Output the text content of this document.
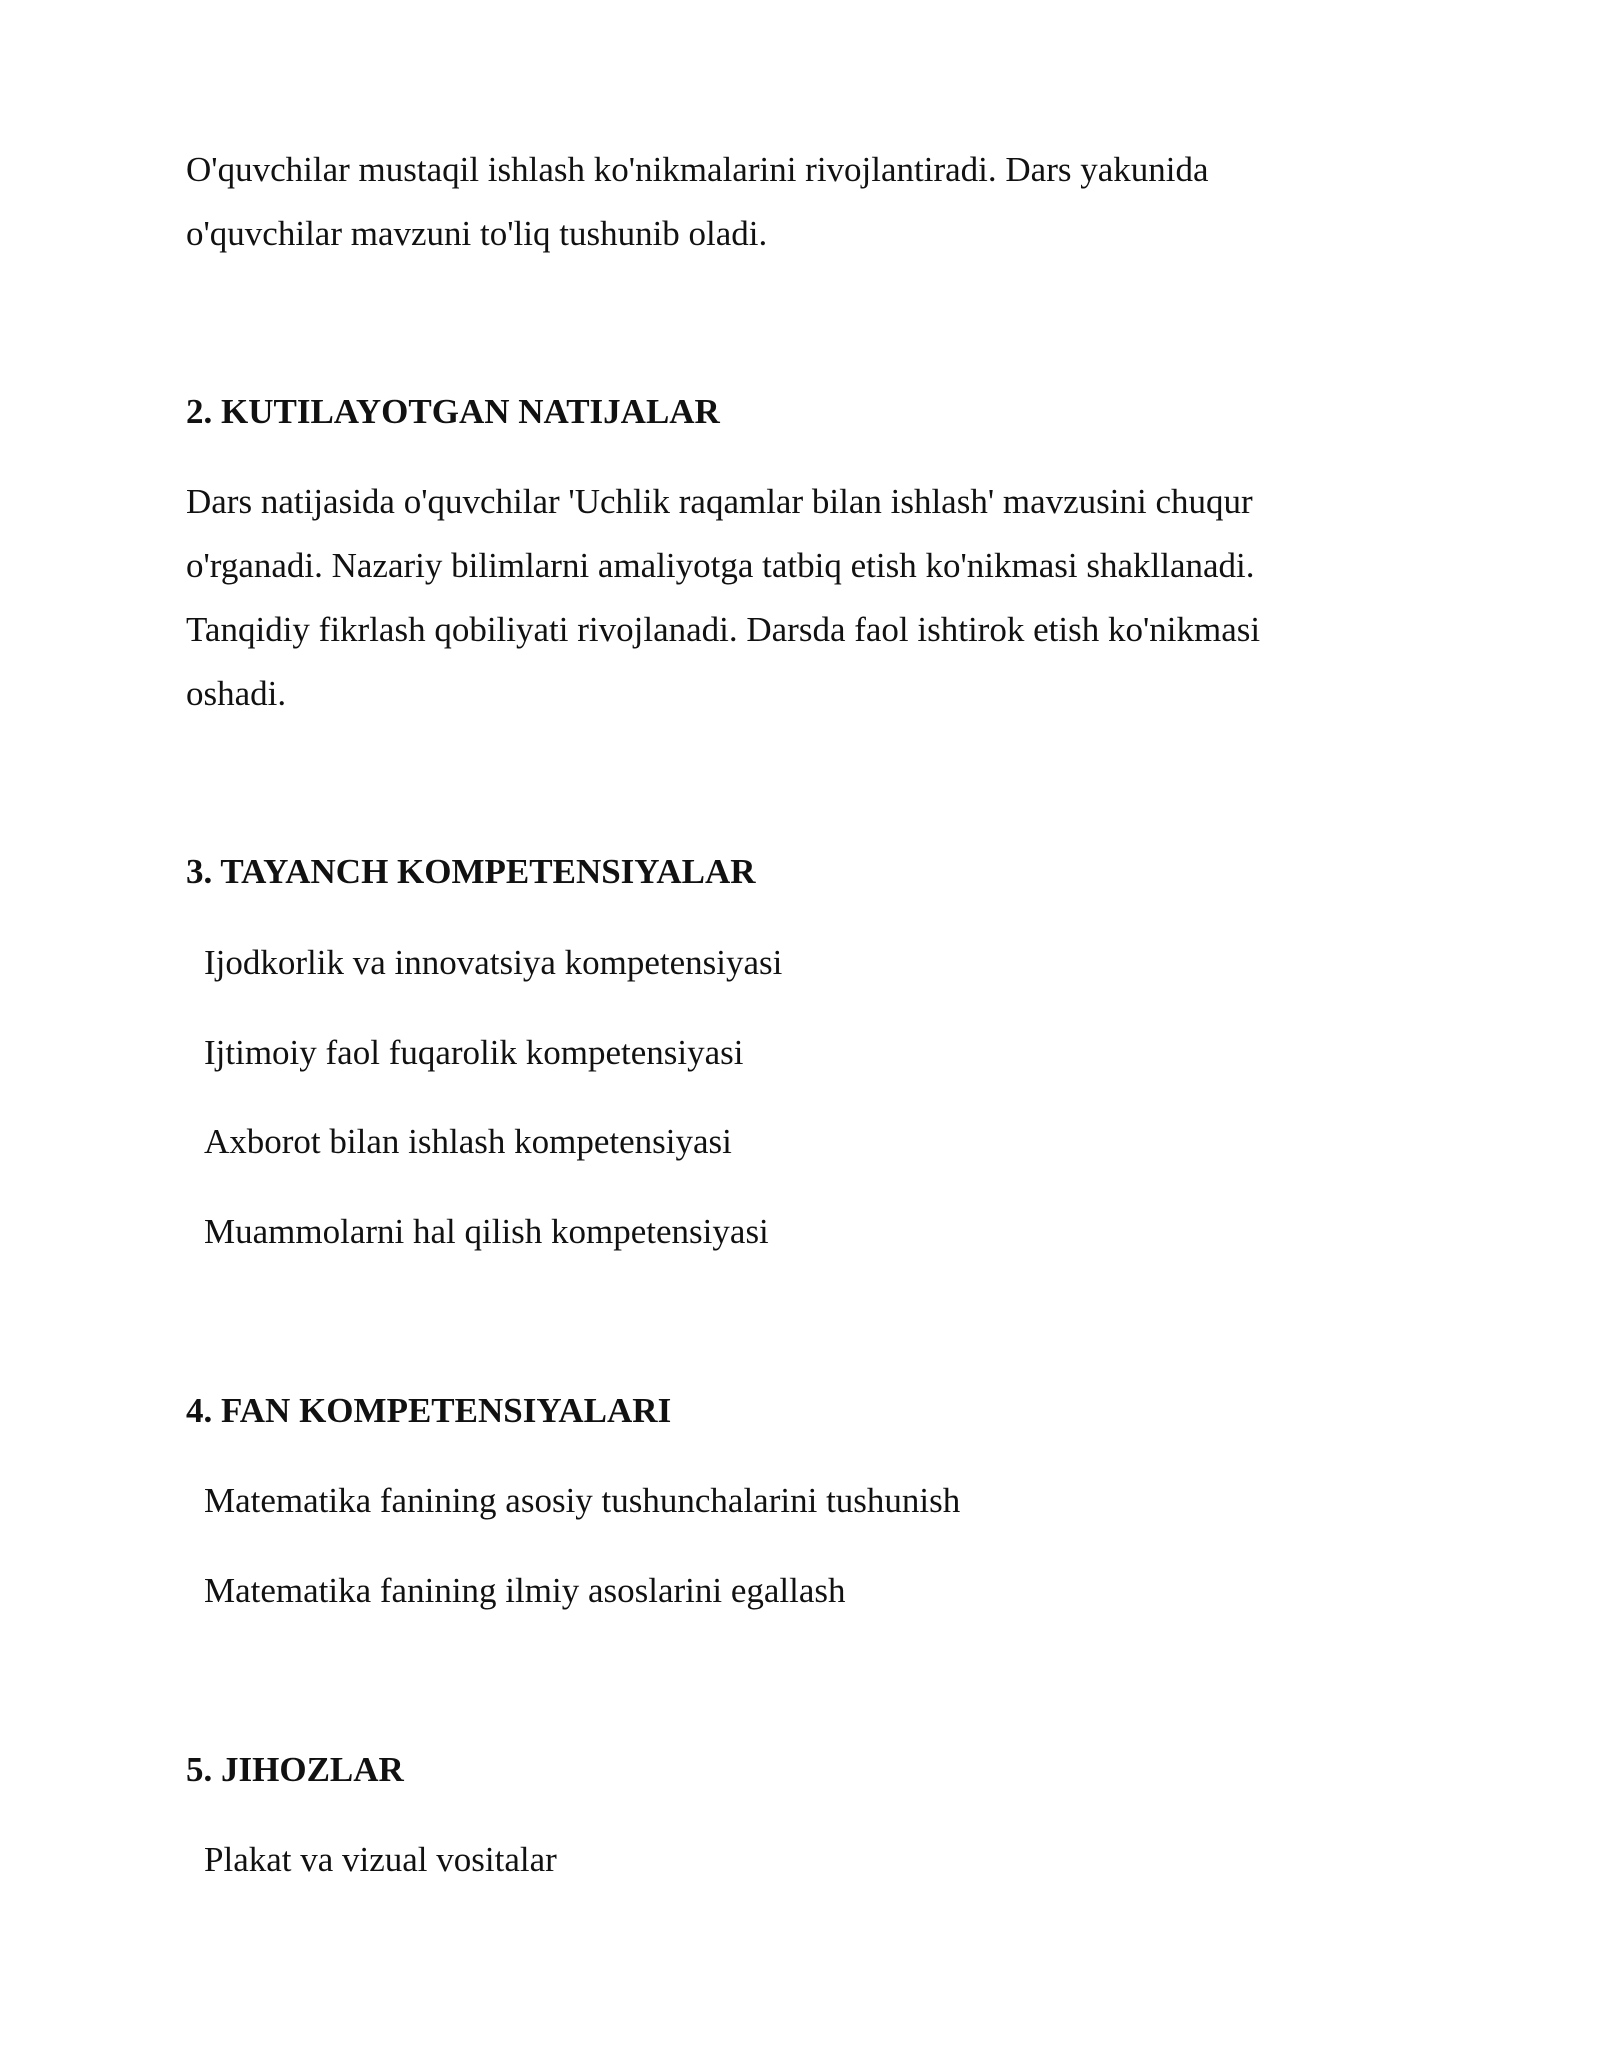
O'quvchilar mustaqil ishlash ko'nikmalarini rivojlantiradi. Dars yakunida

o'quvchilar mavzuni to'liq tushunib oladi.

2. KUTILAYOTGAN NATIJALAR

Dars natijasida o'quvchilar 'Uchlik raqamlar bilan ishlash' mavzusini chuqur

o'rganadi. Nazariy bilimlarni amaliyotga tatbiq etish ko'nikmasi shakllanadi.

Tanqidiy fikrlash qobiliyati rivojlanadi. Darsda faol ishtirok etish ko'nikmasi

oshadi.

3. TAYANCH KOMPETENSIYALAR

Ijodkorlik va innovatsiya kompetensiyasi

Ijtimoiy faol fuqarolik kompetensiyasi

Axborot bilan ishlash kompetensiyasi

Muammolarni hal qilish kompetensiyasi

4. FAN KOMPETENSIYALARI

Matematika fanining asosiy tushunchalarini tushunish

Matematika fanining ilmiy asoslarini egallash

5. JIHOZLAR

Plakat va vizual vositalar
